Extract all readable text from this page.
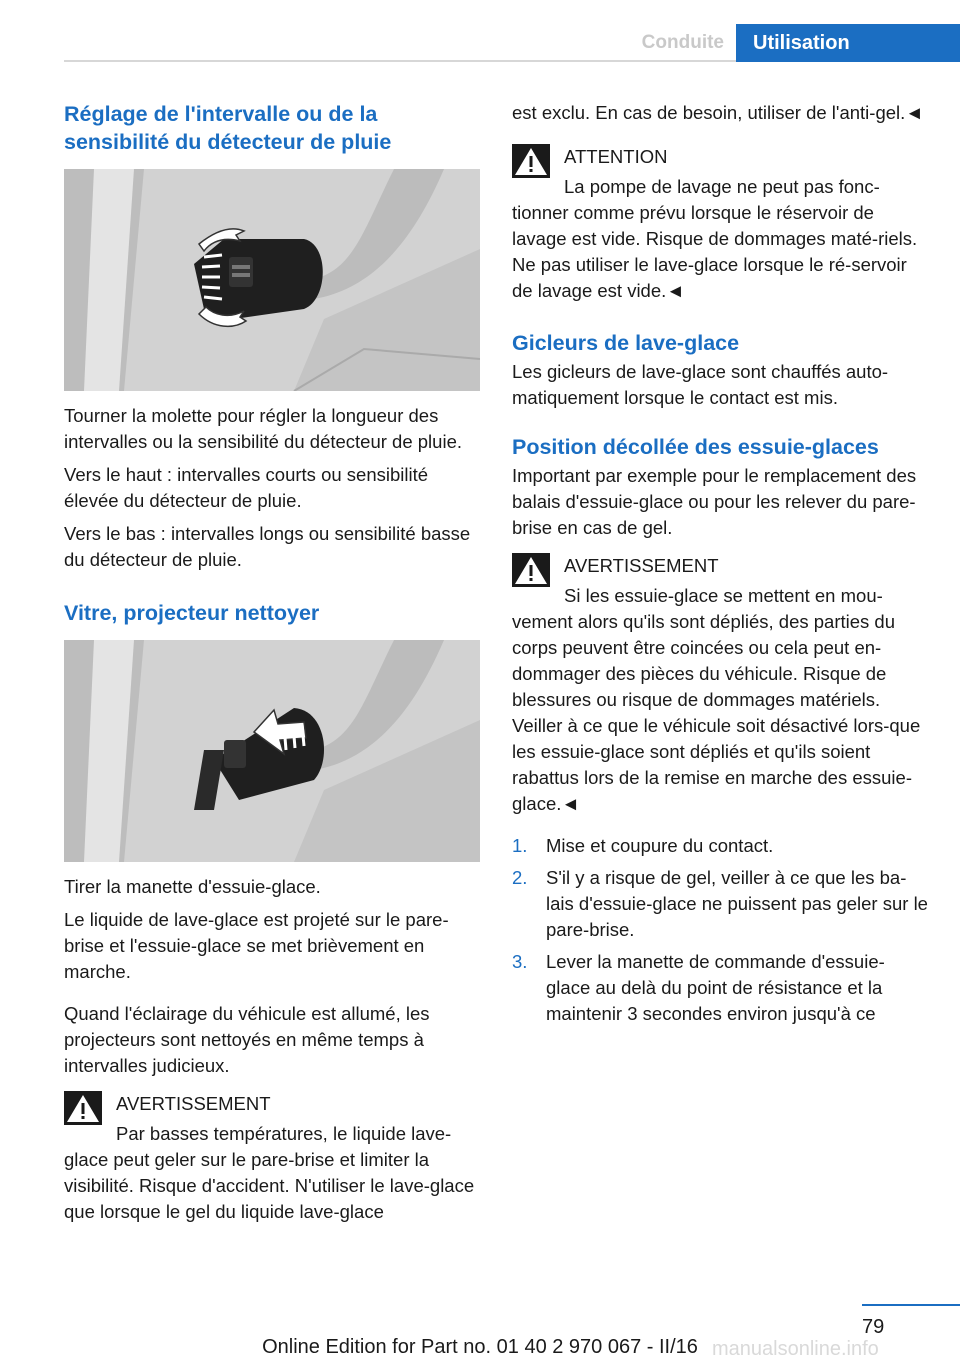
Conduite	Utilisation
Réglage de l'intervalle ou de la sensibilité du détecteur de pluie

Tourner la molette pour régler la longueur des intervalles ou la sensibilité du détecteur de pluie.

Vers le haut : intervalles courts ou sensibilité élevée du détecteur de pluie.

Vers le bas : intervalles longs ou sensibilité basse du détecteur de pluie.

Vitre, projecteur nettoyer

Tirer la manette d'essuie-glace.

Le liquide de lave-glace est projeté sur le pare-brise et l'essuie-glace se met brièvement en marche.

Quand l'éclairage du véhicule est allumé, les projecteurs sont nettoyés en même temps à intervalles judicieux.

AVERTISSEMENT
Par basses températures, le liquide lave-
glace peut geler sur le pare-brise et limiter la visibilité. Risque d'accident. N'utiliser le lave-glace que lorsque le gel du liquide lave-glace

est exclu. En cas de besoin, utiliser de l'anti-gel.◄

ATTENTION
La pompe de lavage ne peut pas fonc-
tionner comme prévu lorsque le réservoir de lavage est vide. Risque de dommages maté-riels. Ne pas utiliser le lave-glace lorsque le ré-servoir de lavage est vide.◄
Gicleurs de lave-glace

Les gicleurs de lave-glace sont chauffés auto-matiquement lorsque le contact est mis.

Position décollée des essuie-glaces

Important par exemple pour le remplacement des balais d'essuie-glace ou pour les relever du pare-brise en cas de gel.

AVERTISSEMENT
Si les essuie-glace se mettent en mou-
vement alors qu'ils sont dépliés, des parties du corps peuvent être coincées ou cela peut en-dommager des pièces du véhicule. Risque de blessures ou risque de dommages matériels. Veiller à ce que le véhicule soit désactivé lors-que les essuie-glace sont dépliés et qu'ils soient rabattus lors de la remise en marche des essuie-glace.◄
1. Mise et coupure du contact.
2. S'il y a risque de gel, veiller à ce que les ba-lais d'essuie-glace ne puissent pas geler sur le pare-brise.
3. Lever la manette de commande d'essuie-glace au delà du point de résistance et la maintenir 3 secondes environ jusqu'à ce
79
Online Edition for Part no. 01 40 2 970 067 - II/16 manualsonline.info
